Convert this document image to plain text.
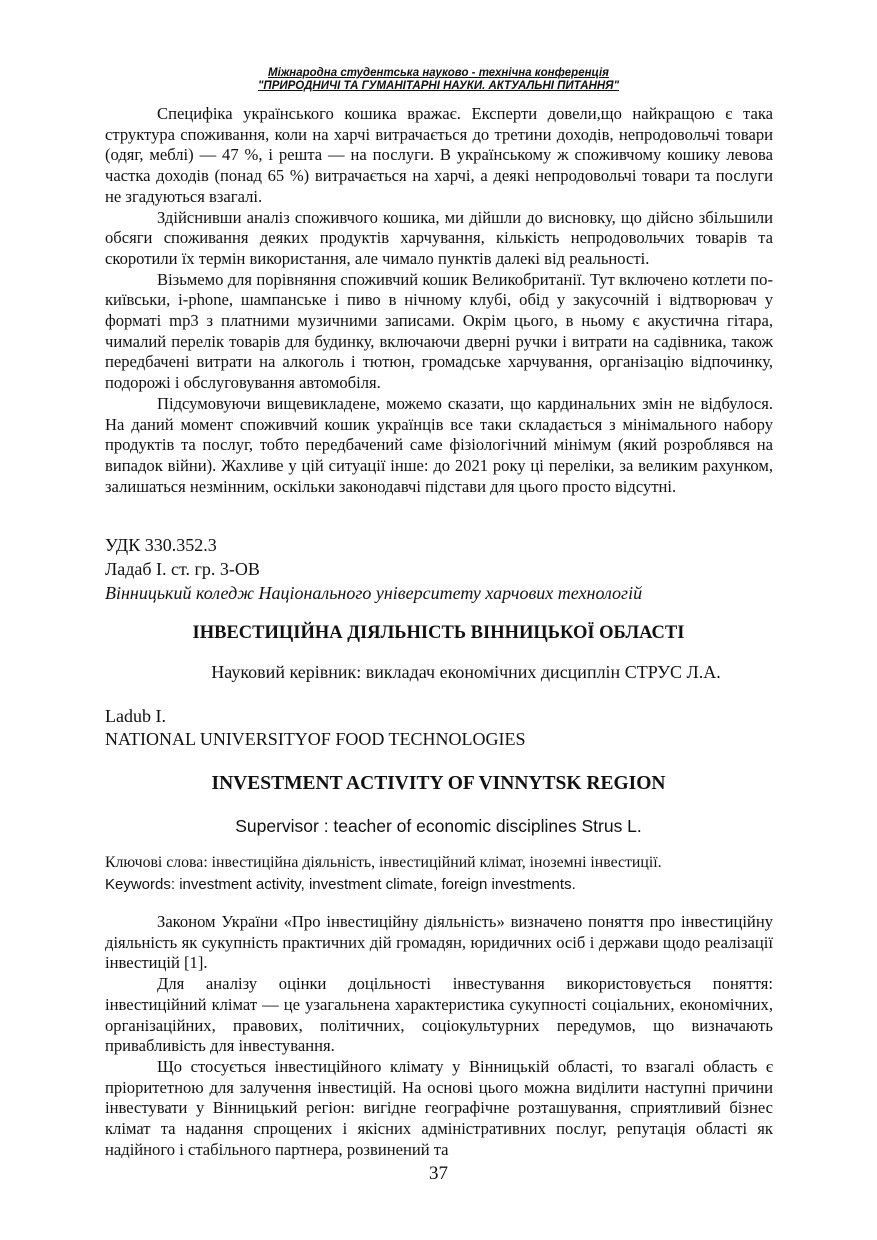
Міжнародна студентська науково - технічна конференція
"ПРИРОДНИЧІ ТА ГУМАНІТАРНІ НАУКИ. АКТУАЛЬНІ ПИТАННЯ"

Специфіка українського кошика вражає. Експерти довели,що найкращою є така структура споживання, коли на харчі витрачається до третини доходів, непродовольчі товари (одяг, меблі) — 47 %, і решта — на послуги. В українському ж споживчому кошику левова частка доходів (понад 65 %) витрачається на харчі, а деякі непродовольчі товари та послуги не згадуються взагалі.

Здійснивши аналіз споживчого кошика, ми дійшли до висновку, що дійсно збільшили обсяги споживання деяких продуктів харчування, кількість непродовольчих товарів та скоротили їх термін використання, але чимало пунктів далекі від реальності.

Візьмемо для порівняння споживчий кошик Великобританії. Тут включено котлети по-київськи, і-phone, шампанське і пиво в нічному клубі, обід у закусочній і відтворювач у форматі mp3 з платними музичними записами. Окрім цього, в ньому є акустична гітара, чималий перелік товарів для будинку, включаючи дверні ручки і витрати на садівника, також передбачені витрати на алкоголь і тютюн, громадське харчування, організацію відпочинку, подорожі і обслуговування автомобіля.

Підсумовуючи вищевикладене, можемо сказати, що кардинальних змін не відбулося. На даний момент споживчий кошик українців все таки складається з мінімального набору продуктів та послуг, тобто передбачений саме фізіологічний мінімум (який розроблявся на випадок війни). Жахливе у цій ситуації інше: до 2021 року ці переліки, за великим рахунком, залишаться незмінним, оскільки законодавчі підстави для цього просто відсутні.

УДК 330.352.3
Ладаб І. ст. гр. 3-ОВ
Вінницький коледж Національного університету харчових технологій
ІНВЕСТИЦІЙНА ДІЯЛЬНІСТЬ ВІННИЦЬКОЇ ОБЛАСТІ
Науковий керівник: викладач економічних дисциплін СТРУС Л.А.
Ladub I.
NATIONAL UNIVERSITYOF FOOD TECHNOLOGIES
INVESTMENT ACTIVITY OF VINNYTSK REGION
Supervisor : teacher of economic disciplines Strus L.
Ключові слова: інвестиційна діяльність, інвестиційний клімат, іноземні інвестиції.
Keywords: investment activity, investment climate, foreign investments.

Законом України «Про інвестиційну діяльність» визначено поняття про інвестиційну діяльність як сукупність практичних дій громадян, юридичних осіб і держави щодо реалізації інвестицій [1].

Для аналізу оцінки доцільності інвестування використовується поняття: інвестиційний клімат — це узагальнена характеристика сукупності соціальних, економічних, організаційних, правових, політичних, соціокультурних передумов, що визначають привабливість для інвестування.

Що стосується інвестиційного клімату у Вінницькій області, то взагалі область є пріоритетною для залучення інвестицій. На основі цього можна виділити наступні причини інвестувати у Вінницький регіон: вигідне географічне розташування, сприятливий бізнес клімат та надання спрощених і якісних адміністративних послуг, репутація області як надійного і стабільного партнера, розвинений та

37
